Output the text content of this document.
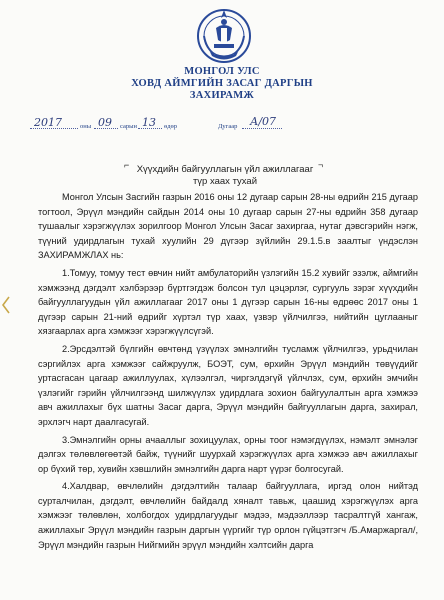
МОНГОЛ УЛС
ХОВД АЙМГИЙН ЗАСАГ ДАРГЫН
ЗАХИРАМЖ
2017	оны 09 сарын 13 өдөр	Дугаар А/07
⌐	¬
Хүүхдийн байгууллагын үйл ажиллагааг
түр хаах тухай

Монгол Улсын Засгийн газрын 2016 оны 12 дугаар сарын 28-ны өдрийн 215 дугаар тогтоол, Эрүүл мэндийн сайдын 2014 оны 10 дугаар сарын 27-ны өдрийн 358 дугаар тушаалыг хэрэгжүүлэх зорилгоор Монгол Улсын Засаг захиргаа, нутаг дэвсгэрийн нэгж, түүний удирдлагын тухай хуулийн 29 дүгээр зүйлийн 29.1.5.в заалтыг үндэслэн ЗАХИРАМЖЛАХ нь:

1.Томуу, томуу тест өвчин нийт амбулаторийн үзлэгийн 15.2 хувийг эзэлж, аймгийн хэмжээнд дэгдэлт хэлбэрээр бүртгэгдэж болсон тул цэцэрлэг, сургууль зэрэг хүүхдийн байгууллагуудын үйл ажиллагааг 2017 оны 1 дүгээр сарын 16-ны өдрөөс 2017 оны 1 дүгээр сарын 21-ний өдрийг хүртэл түр хаах, үзвэр үйлчилгээ, нийтийн цуглааныг хязгаарлах арга хэмжээг хэрэгжүүлсүгэй.

2.Эрсдэлтэй бүлгийн өвчтөнд үзүүлэх эмнэлгийн тусламж үйлчилгээ, урьдчилан сэргийлэх арга хэмжээг сайжруулж, БОЭТ, сум, өрхийн Эрүүл мэндийн төвүүдийг уртасгасан цагаар ажиллуулах, хүлээлгэл, чиргэлдэгүй үйлчлэх, сум, өрхийн эмчийн үзлэгийг гэрийн үйлчилгээнд шилжүүлэх удирдлага зохион байгуулалтын арга хэмжээ авч ажиллахыг бүх шатны Засаг дарга, Эрүүл мэндийн байгууллагын дарга, захирал, эрхлэгч нарт даалгасугай.

3.Эмнэлгийн орны ачааллыг зохицуулах, орны тоог нэмэгдүүлэх, нэмэлт эмнэлэг дэлгэх төлөвлөгөөтэй байж, түүнийг шуурхай хэрэгжүүлэх арга хэмжээ авч ажиллахыг ор бүхий төр, хувийн хэвшлийн эмнэлгийн дарга нарт үүрэг болгосугай.

4.Халдвар, өвчлөлийн дэгдэлтийн талаар байгууллага, иргэд олон нийтэд сурталчилан, дэгдэлт, өвчлөлийн байдалд хяналт тавьж, цаашид хэрэгжүүлэх арга хэмжээг төлөвлөн, холбогдох удирдлагуудыг мэдээ, мэдээллээр тасралтгүй хангаж, ажиллахыг Эрүүл мэндийн газрын даргын үүргийг түр орлон гүйцэтгэгч /Б.Амаржаргал/, Эрүүл мэндийн газрын Нийгмийн эрүүл мэндийн хэлтсийн дарга
